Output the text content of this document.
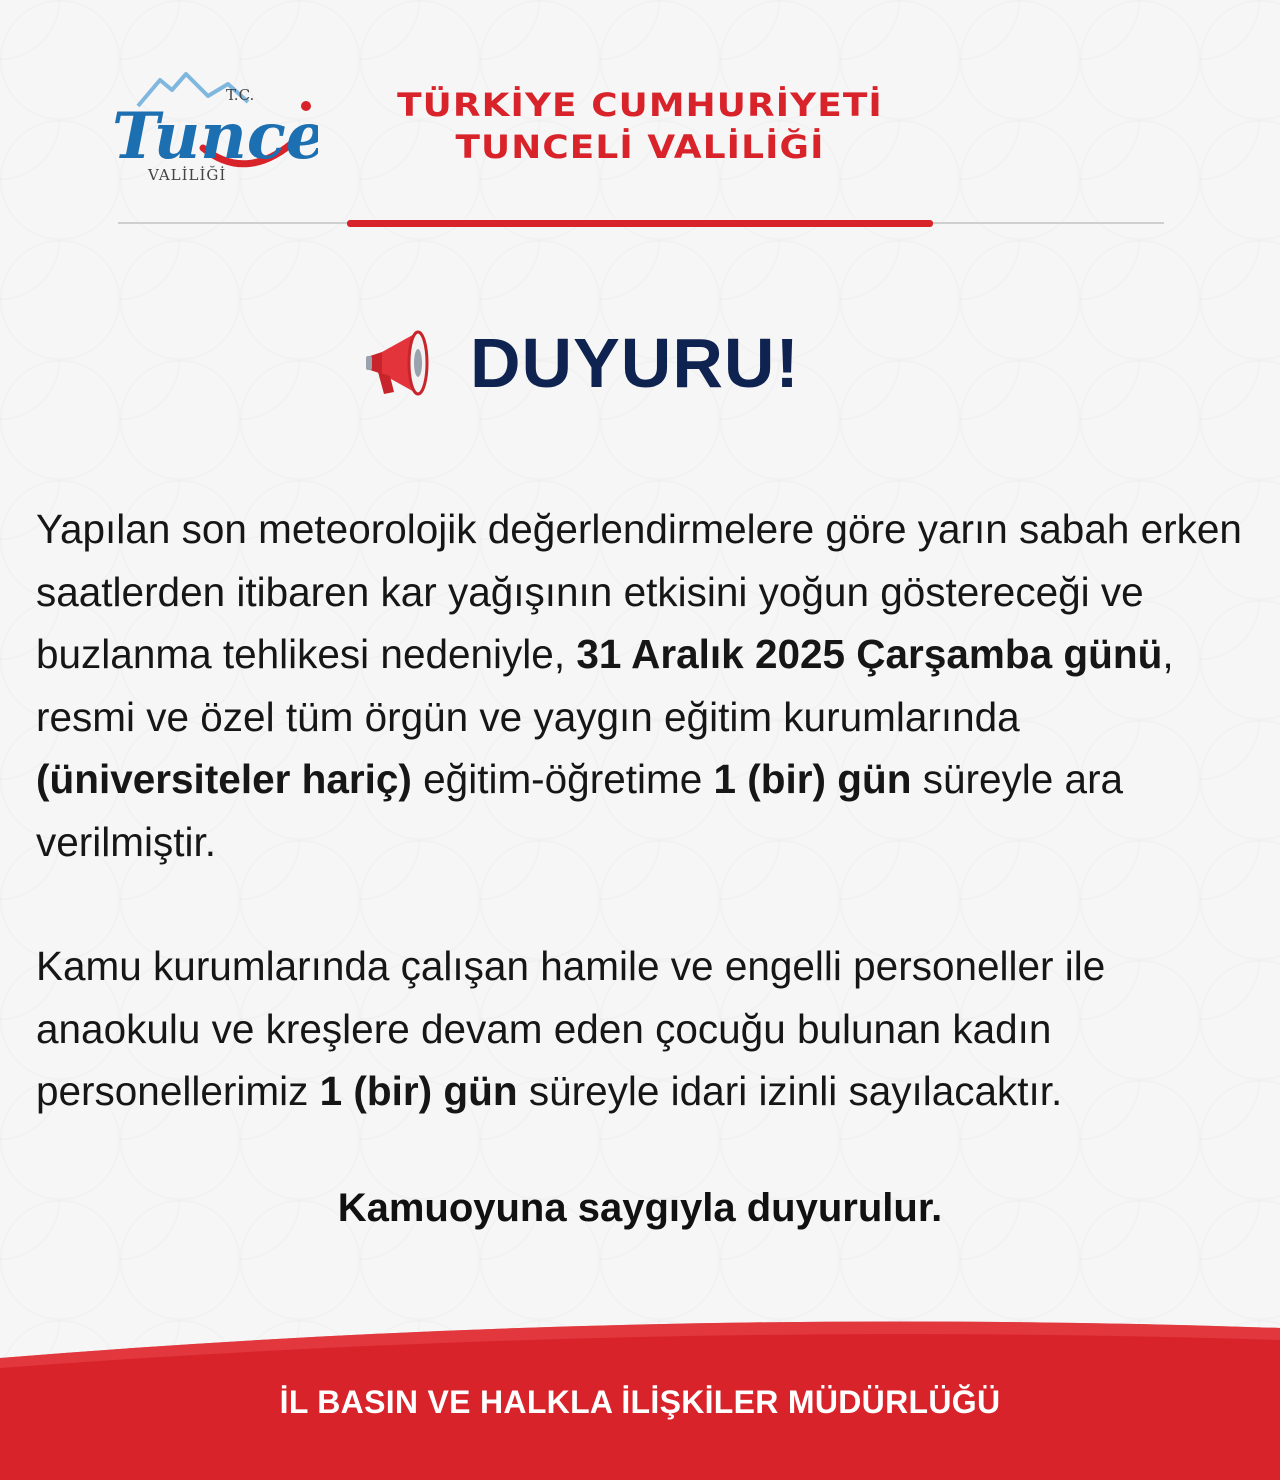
Tunc
T.C.
VALİLİĞİ
TÜRKİYE CUMHURİYETİ
TUNCELİ VALİLİĞİ
DUYURU!
Yapılan son meteorolojik değerlendirmelere göre yarın sabah erken saatlerden itibaren kar yağışının etkisini yoğun göstereceği ve buzlanma tehlikesi nedeniyle, 31 Aralık 2025 Çarşamba günü, resmi ve özel tüm örgün ve yaygın eğitim kurumlarında (üniversiteler hariç) eğitim-öğretime 1 (bir) gün süreyle ara verilmiştir.
Kamu kurumlarında çalışan hamile ve engelli personeller ile anaokulu ve kreşlere devam eden çocuğu bulunan kadın personellerimiz 1 (bir) gün süreyle idari izinli sayılacaktır.
Kamuoyuna saygıyla duyurulur.
İL BASIN VE HALKLA İLİŞKİLER MÜDÜRLÜĞÜ
